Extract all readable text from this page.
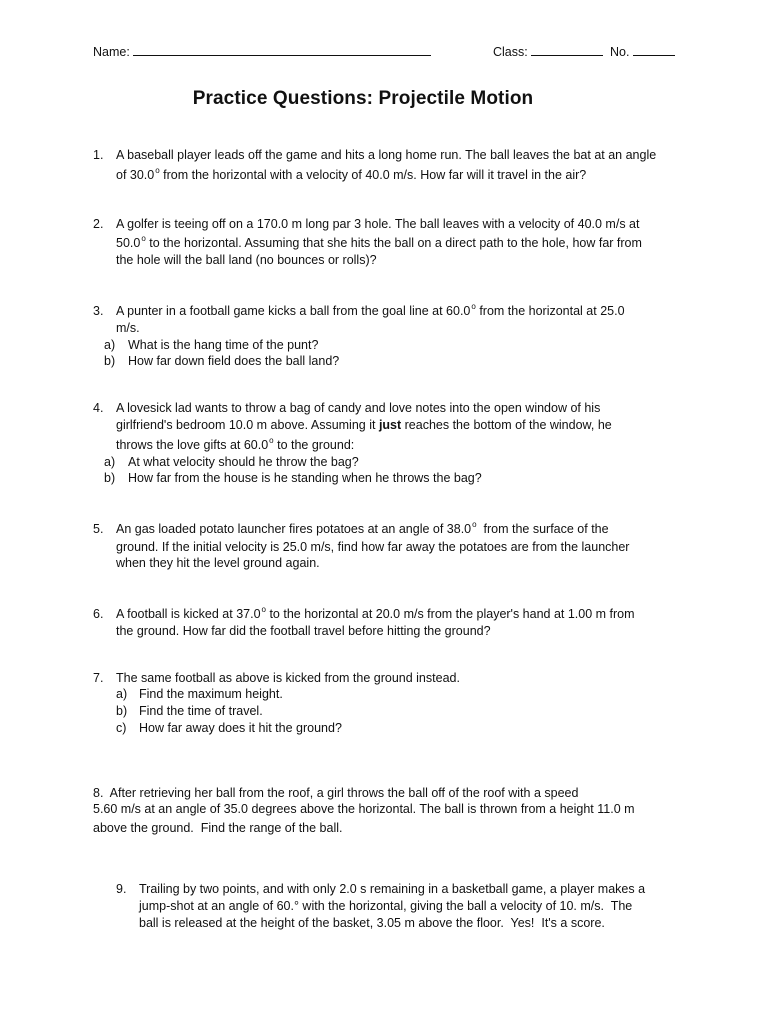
Name:	Class:	No.
Practice Questions: Projectile Motion
1.	A baseball player leads off the game and hits a long home run. The ball leaves the bat at an angle
of 30.0$^o$ from the horizontal with a velocity of 40.0 m/s. How far will it travel in the air?
2.	A golfer is teeing off on a 170.0 m long par 3 hole. The ball leaves with a velocity of 40.0 m/s at
50.0$^o$ to the horizontal. Assuming that she hits the ball on a direct path to the hole, how far from
the hole will the ball land (no bounces or rolls)?
3.	A punter in a football game kicks a ball from the goal line at 60.0$^o$ from the horizontal at 25.0
m/s.
a)	What is the hang time of the punt?
b)	How far down field does the ball land?
4.	A lovesick lad wants to throw a bag of candy and love notes into the open window of his
girlfriend's bedroom 10.0 m above. Assuming it just reaches the bottom of the window, he
throws the love gifts at 60.0$^o$ to the ground:
a)	At what velocity should he throw the bag?
b)	How far from the house is he standing when he throws the bag?
5.	An gas loaded potato launcher fires potatoes at an angle of 38.0$^o$  from the surface of the
ground. If the initial velocity is 25.0 m/s, find how far away the potatoes are from the launcher
when they hit the level ground again.
6.	A football is kicked at 37.0$^o$ to the horizontal at 20.0 m/s from the player's hand at 1.00 m from
the ground. How far did the football travel before hitting the ground?
7.	The same football as above is kicked from the ground instead.
a) Find the maximum height.
b) Find the time of travel.
c)	How far away does it hit the ground?
8.  After retrieving her ball from the roof, a girl throws the ball off of the roof with a speed
5.60 m/s at an angle of 35.0 degrees above the horizontal. The ball is thrown from a height 11.0 m
above the ground.  Find the range of the ball.
9.	Trailing by two points, and with only 2.0 s remaining in a basketball game, a player makes a
jump-shot at an angle of 60.° with the horizontal, giving the ball a velocity of 10. m/s.  The
ball is released at the height of the basket, 3.05 m above the floor.  Yes!  It's a score.
